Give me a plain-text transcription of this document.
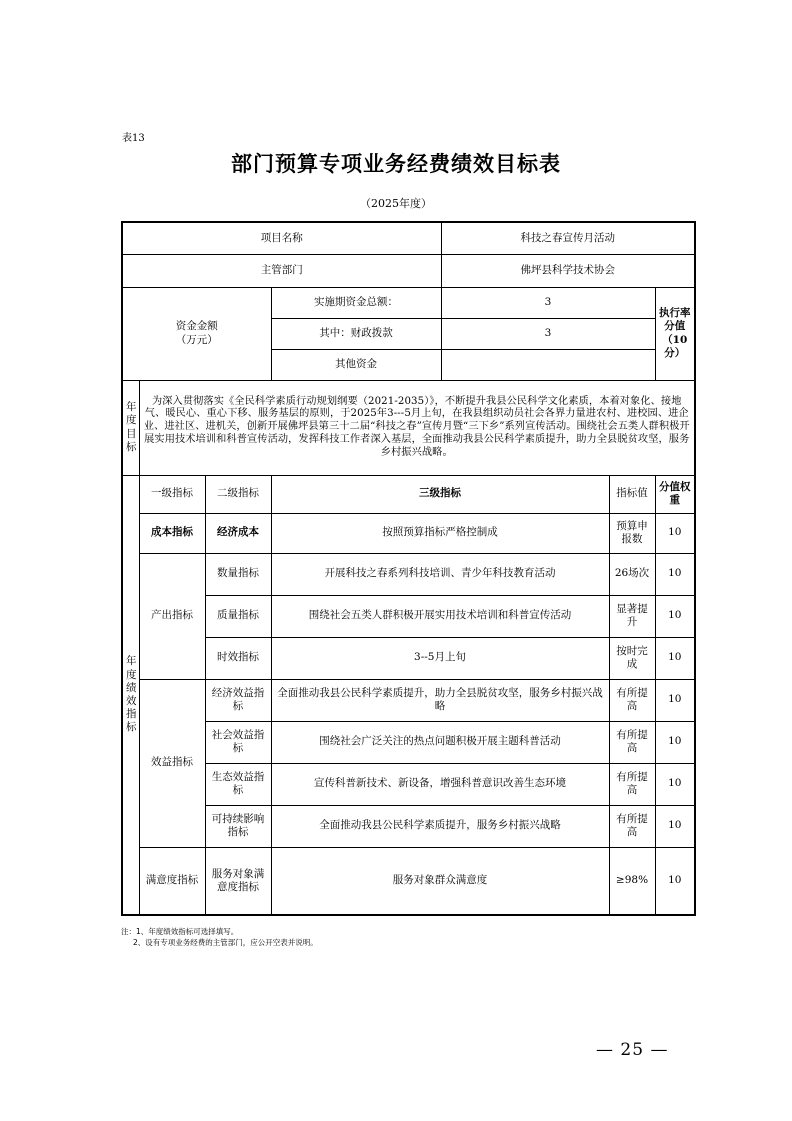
表13
部门预算专项业务经费绩效目标表
（2025年度）
项目名称				科技之春宣传月活动		
主管部门				佛坪县科学技术协会		

资金金额
（万元）			实施期资金总额：	3		执行率分值（10分）
			其中：财政拨款	3		
			其他资金			
年度目标	为深入贯彻落实《全民科学素质行动规划纲要（2021-2035）》，不断提升我县公民科学文化素质，本着对象化、接地气、暖民心、重心下移、服务基层的原则，于2025年3---5月上旬，在我县组织动员社会各界力量进农村、进校园、进企业、进社区、进机关，创新开展佛坪县第三十二届“科技之春”宣传月暨“三下乡”系列宣传活动。围绕社会五类人群积极开展实用技术培训和科普宣传活动，发挥科技工作者深入基层，全面推动我县公民科学素质提升，助力全县脱贫攻坚，服务乡村振兴战略。					
年度绩效指标	一级指标	二级指标	三级指标		指标值	分值权重
	成本指标	经济成本	按照预算指标严格控制成		预算申报数	10
	产出指标	数量指标	开展科技之春系列科技培训、青少年科技教育活动		26场次	10
		质量指标	围绕社会五类人群积极开展实用技术培训和科普宣传活动		显著提升	10
		时效指标	3--5月上旬		按时完成	10
	效益指标	经济效益指标	全面推动我县公民科学素质提升，助力全县脱贫攻坚，服务乡村振兴战略		有所提高	10
		社会效益指标	围绕社会广泛关注的热点问题积极开展主题科普活动		有所提高	10
		生态效益指标	宣传科普新技术、新设备，增强科普意识改善生态环境		有所提高	10
		可持续影响指标	全面推动我县公民科学素质提升，服务乡村振兴战略		有所提高	10
	满意度指标	服务对象满意度指标	服务对象群众满意度		≥98%	10
注：1、年度绩效指标可选择填写。
2、设有专项业务经费的主管部门，应公开空表并说明。
— 25 —
